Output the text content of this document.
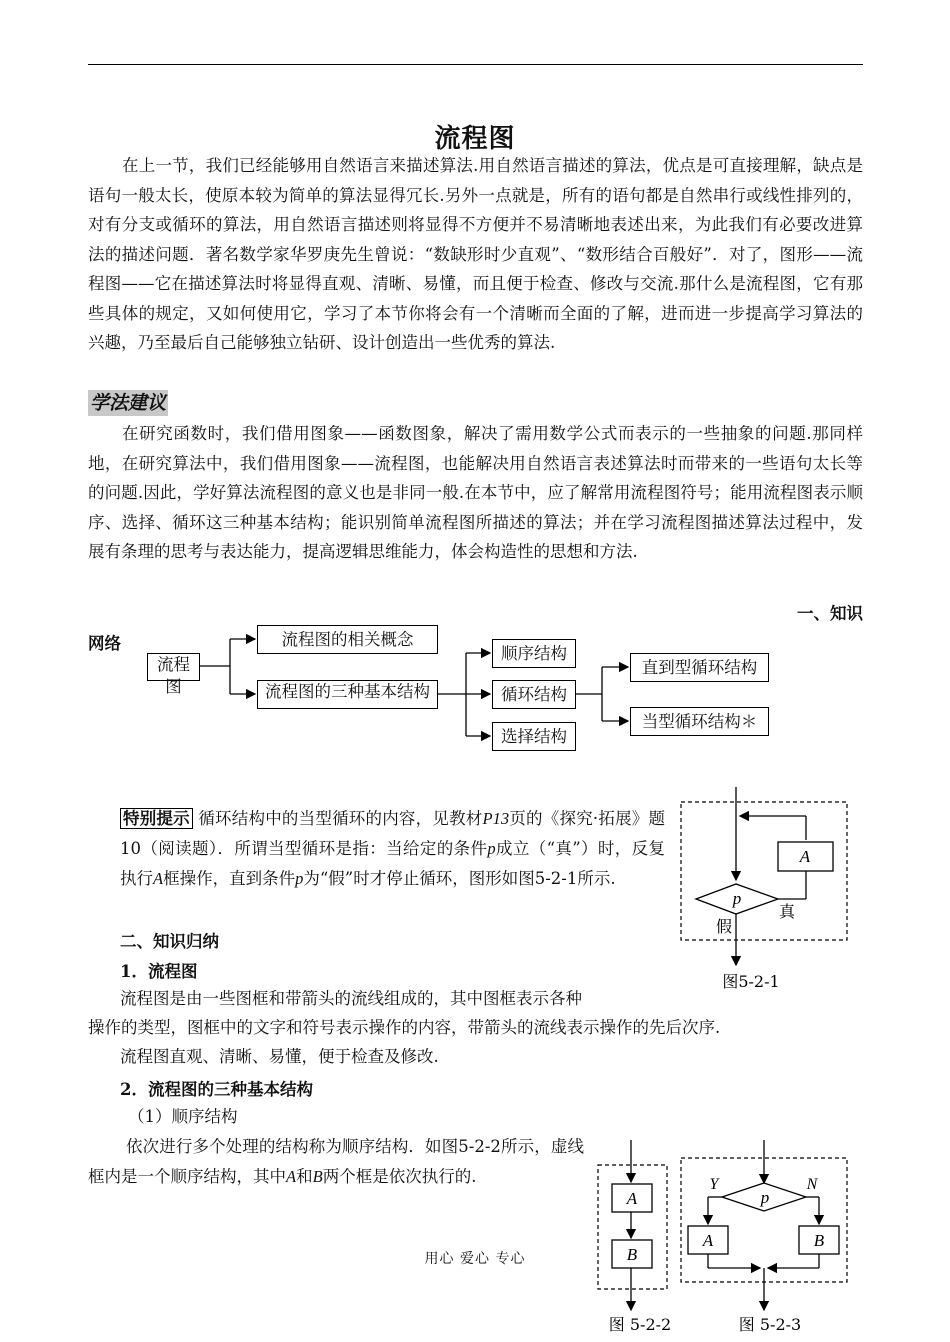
流程图
在上一节，我们已经能够用自然语言来描述算法.用自然语言描述的算法，优点是可直接理解，缺点是语句一般太长，使原本较为简单的算法显得冗长.另外一点就是，所有的语句都是自然串行或线性排列的，对有分支或循环的算法，用自然语言描述则将显得不方便并不易清晰地表述出来，为此我们有必要改进算法的描述问题．著名数学家华罗庚先生曾说：“数缺形时少直观”、“数形结合百般好”．对了，图形——流程图——它在描述算法时将显得直观、清晰、易懂，而且便于检查、修改与交流.那什么是流程图，它有那些具体的规定，又如何使用它，学习了本节你将会有一个清晰而全面的了解，进而进一步提高学习算法的兴趣，乃至最后自己能够独立钻研、设计创造出一些优秀的算法.
学法建议
在研究函数时，我们借用图象——函数图象，解决了需用数学公式而表示的一些抽象的问题.那同样地，在研究算法中，我们借用图象——流程图，也能解决用自然语言表述算法时而带来的一些语句太长等的问题.因此，学好算法流程图的意义也是非同一般.在本节中，应了解常用流程图符号；能用流程图表示顺序、选择、循环这三种基本结构；能识别简单流程图所描述的算法；并在学习流程图描述算法过程中，发展有条理的思考与表达能力，提高逻辑思维能力，体会构造性的思想和方法.
一、知识
网络
流程图
流程图的相关概念
流程图的三种基本结构
顺序结构
循环结构
选择结构
直到型循环结构
当型循环结构＊
特别提示 循环结构中的当型循环的内容，见教材P13页的《探究·拓展》题10（阅读题）．所谓当型循环是指：当给定的条件p成立（“真”）时，反复执行A框操作，直到条件p为“假”时才停止循环，图形如图5-2-1所示.
A
p
真
假
图5-2-1
二、知识归纳
1．流程图
流程图是由一些图框和带箭头的流线组成的，其中图框表示各种
操作的类型，图框中的文字和符号表示操作的内容，带箭头的流线表示操作的先后次序.
流程图直观、清晰、易懂，便于检查及修改.
2．流程图的三种基本结构
（1）顺序结构
依次进行多个处理的结构称为顺序结构．如图5-2-2所示，虚线框内是一个顺序结构，其中A和B两个框是依次执行的.
用心 爱心 专心
A
B
图 5-2-2
p
Y	N
A	B
图 5-2-3
